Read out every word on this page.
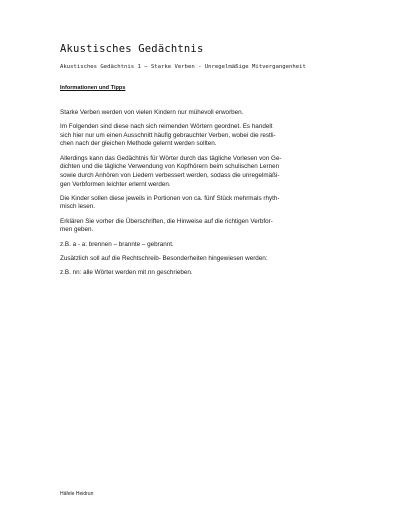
Akustisches Gedächtnis
Akustisches Gedächtnis 1 – Starke Verben - Unregelmäßige Mitvergangenheit
Informationen und Tipps

Starke Verben werden von vielen Kindern nur mühevoll erworben.

Im Folgenden sind diese nach sich reimenden Wörtern geordnet. Es handelt
sich hier nur um einen Ausschnitt häufig gebrauchter Verben, wobei die restli-
chen nach der gleichen Methode gelernt werden sollten.

Allerdings kann das Gedächtnis für Wörter durch das tägliche Vorlesen von Ge-
dichten und die tägliche Verwendung von Kopfhörern beim schulischen Lernen
sowie durch Anhören von Liedern verbessert werden, sodass die unregelmäßi-
gen Verbformen leichter erlernt werden.

Die Kinder sollen diese jeweils in Portionen von ca. fünf Stück mehrmals rhyth-
misch lesen.

Erklären Sie vorher die Überschriften, die Hinweise auf die richtigen Verbfor-
men geben.

z.B. a - a: brennen – brannte – gebrannt.

Zusätzlich soll auf die Rechtschreib- Besonderheiten hingewiesen werden:

z.B. nn: alle Wörter werden mit nn geschrieben.

Häfele Heidrun
